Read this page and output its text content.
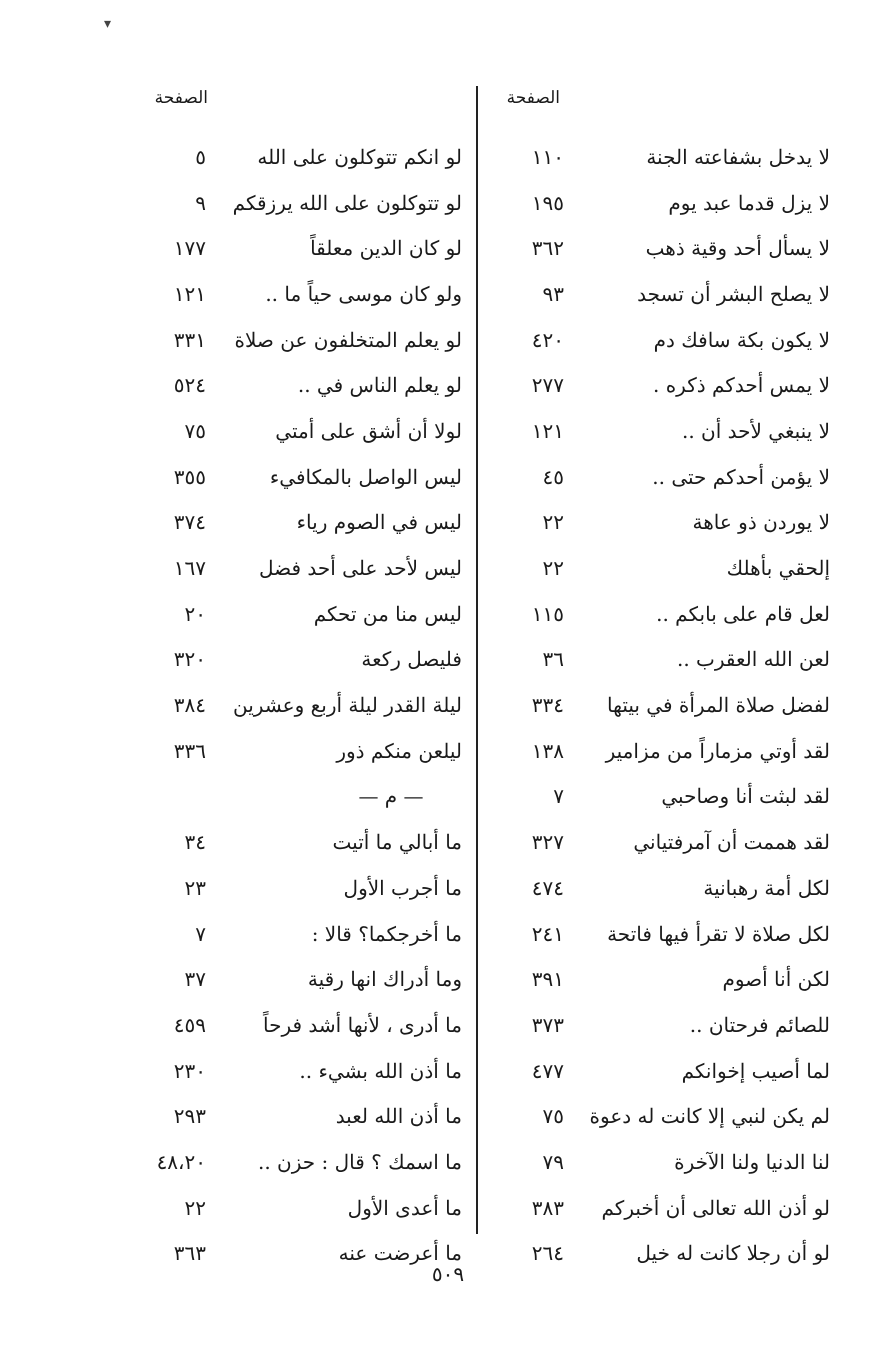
▾
الصفحة
الصفحة
لا يدخل بشفاعته الجنة
١١٠
لا يزل قدما عبد يوم
١٩٥
لا يسأل أحد وقية ذهب
٣٦٢
لا يصلح البشر أن تسجد
٩٣
لا يكون بكة سافك دم
٤٢٠
لا يمس أحدكم ذكره .
٢٧٧
لا ينبغي لأحد أن ..
١٢١
لا يؤمن أحدكم حتى ..
٤٥
لا يوردن ذو عاهة
٢٢
إلحقي بأهلك
٢٢
لعل قام على بابكم ..
١١٥
لعن الله العقرب ..
٣٦
لفضل صلاة المرأة في بيتها
٣٣٤
لقد أوتي مزماراً من مزامير
١٣٨
لقد لبثت أنا وصاحبي
٧
لقد هممت أن آمرفتياني
٣٢٧
لكل أمة رهبانية
٤٧٤
لكل صلاة لا تقرأ فيها فاتحة
٢٤١
لكن أنا أصوم
٣٩١
للصائم فرحتان ..
٣٧٣
لما أصيب إخوانكم
٤٧٧
لم يكن لنبي إلا كانت له دعوة
٧٥
لنا الدنيا ولنا الآخرة
٧٩
لو أذن الله تعالى أن أخبركم
٣٨٣
لو أن رجلا كانت له خيل
٢٦٤
لو انكم تتوكلون على الله
٥
لو تتوكلون على الله يرزقكم
٩
لو كان الدين معلقاً
١٧٧
ولو كان موسى حياً ما ..
١٢١
لو يعلم المتخلفون عن صلاة
٣٣١
لو يعلم الناس في ..
٥٢٤
لولا أن أشق على أمتي
٧٥
ليس الواصل بالمكافيء
٣٥٥
ليس في الصوم رياء
٣٧٤
ليس لأحد على أحد فضل
١٦٧
ليس منا من تحكم
٢٠
فليصل ركعة
٣٢٠
ليلة القدر ليلة أربع وعشرين
٣٨٤
ليلعن منكم ذور
٣٣٦
— م —
ما أبالي ما أتيت
٣٤
ما أجرب الأول
٢٣
ما أخرجكما؟ قالا :
٧
وما أدراك انها رقية
٣٧
ما أدرى ، لأنها أشد فرحاً
٤٥٩
ما أذن الله بشيء ..
٢٣٠
ما أذن الله لعبد
٢٩٣
ما اسمك ؟ قال : حزن ..
٤٨،٢٠
ما أعدى الأول
٢٢
ما أعرضت عنه
٣٦٣
٥٠٩
